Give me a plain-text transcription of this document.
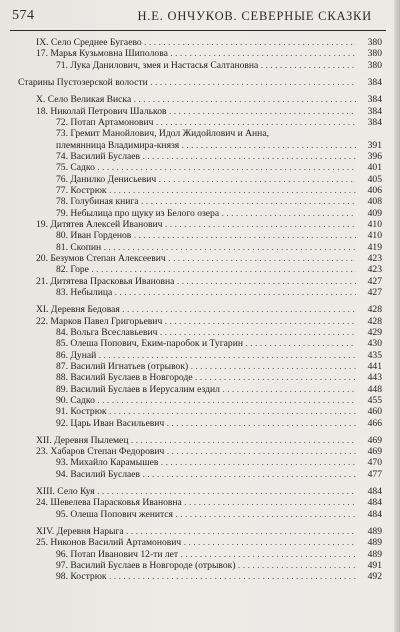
574	Н.Е. ОНЧУКОВ. СЕВЕРНЫЕ СКАЗКИ
IX. Село Среднее Бугаево . . .	380
17. Марья Кузьмовна Шиполова . . .	380
71. Лука Данилович, змея и Настасья Салтановна . . .	380
Старины Пустозерской волости . . .	384
X. Село Великая Виска . . .	384
18. Николай Петрович Шальков . . .	384
72. Потап Артамонович . . .	384
73. Гремит Манойлович, Идол Жидойлович и Анна,
племянница Владимира-князя . . .	391
74. Василий Буслаев . . .	396
75. Садко . . .	401
76. Данилко Денисьевич . . .	405
77. Кострюк . . .	406
78. Голубиная книга . . .	408
79. Небылица про щуку из Белого озера . . .	409
19. Дитятев Алексей Иванович . . .	410
80. Иван Горденов . . .	410
81. Скопин . . .	419
20. Безумов Степан Алексеевич . . .	423
82. Горе . . .	423
21. Дитятева Прасковья Ивановна . . .	427
83. Небылица . . .	427
XI. Деревня Бедовая . . .	428
22. Марков Павел Григорьевич . . .	428
84. Вольга Всеславьевич . . .	429
85. Олеша Попович, Еким-паробок и Тугарин . . .	430
86. Дунай . . .	435
87. Василий Игнатьев (отрывок) . . .	441
88. Василий Буслаев в Новгороде . . .	443
89. Василий Буслаев в Иерусалим ездил . . .	448
90. Садко . . .	455
91. Кострюк . . .	460
92. Царь Иван Васильевич . . .	466
XII. Деревня Пылемец . . .	469
23. Хабаров Степан Федорович . . .	469
93. Михайло Карамышев . . .	470
94. Василий Буслаев . . .	477
XIII. Село Куя . . .	484
24. Шевелева Парасковья Ивановна . . .	484
95. Олеша Попович женится . . .	484
XIV. Деревня Нарыга . . .	489
25. Никонов Василий Артамонович . . .	489
96. Потап Иванович 12-ти лет . . .	489
97. Василий Буслаев в Новгороде (отрывок) . . .	491
98. Кострюк . . .	492
